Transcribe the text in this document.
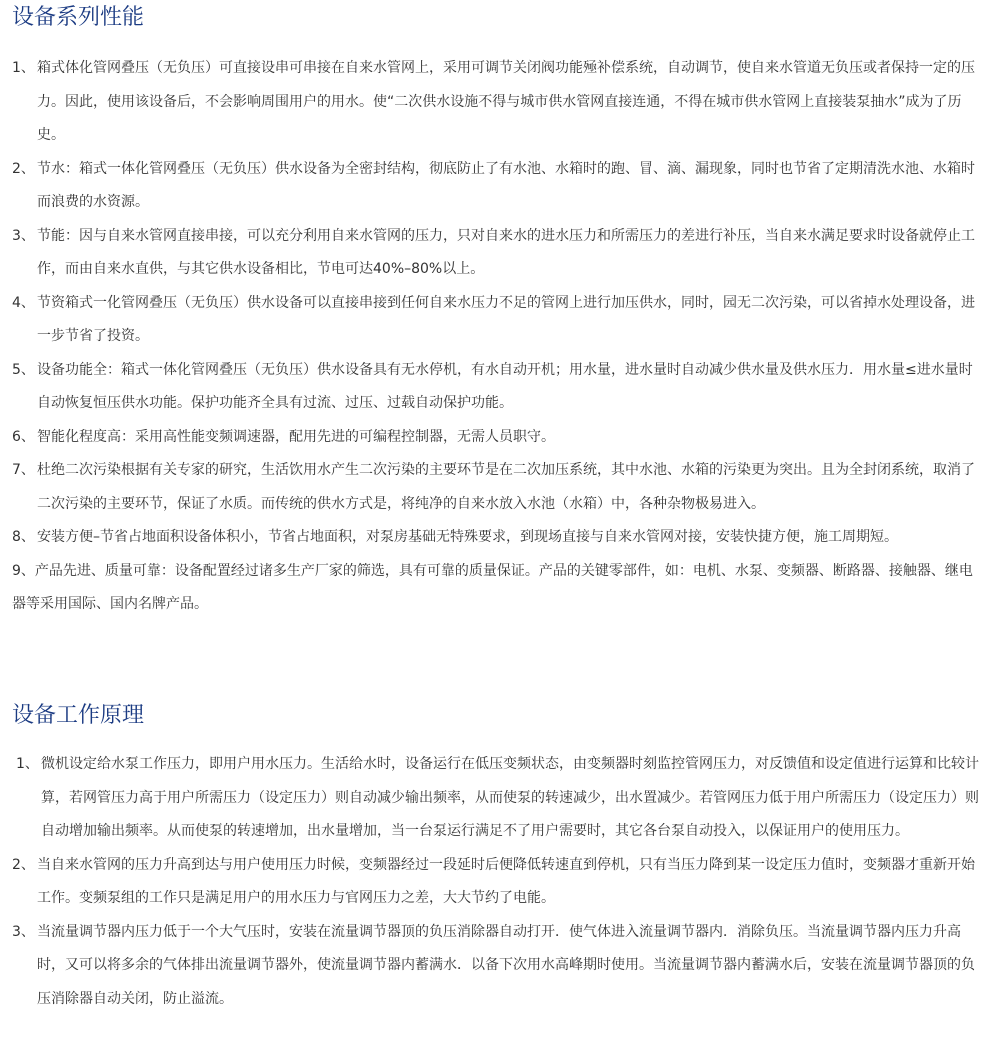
设备系列性能
1、 箱式体化管网叠压（无负压）可直接设串可串接在自来水管网上，采用可调节关闭阀功能殛补偿系统，自动调节，使自来水管道无负压或者保持一定的压力。因此，使用该设备后，不会影响周围用户的用水。使“二次供水设施不得与城市供水管网直接连通，不得在城市供水管网上直接装泵抽水”成为了历史。
2、 节水：箱式一体化管网叠压（无负压）供水设备为全密封结构，彻底防止了有水池、水箱时的跑、冒、滴、漏现象，同时也节省了定期清洗水池、水箱时而浪费的水资源。
3、 节能：因与自来水管网直接串接，可以充分利用自来水管网的压力，只对自来水的进水压力和所需压力的差进行补压，当自来水满足要求时设备就停止工作，而由自来水直供，与其它供水设备相比，节电可达40%–80%以上。
4、 节资箱式一化管网叠压（无负压）供水设备可以直接串接到任何自来水压力不足的管网上进行加压供水，同时，园无二次污染，可以省掉水处理设备，进一步节省了投资。
5、 设备功能全：箱式一体化管网叠压（无负压）供水设备具有无水停机，有水自动开机；用水量，进水量时自动减少供水量及供水压力．用水量≤进水量时自动恢复恒压供水功能。保护功能齐全具有过流、过压、过载自动保护功能。
6、 智能化程度高：采用高性能变频调速器，配用先进的可编程控制器，无需人员职守。
7、 杜绝二次污染根据有关专家的研究，生活饮用水产生二次污染的主要环节是在二次加压系统，其中水池、水箱的污染更为突出。且为全封闭系统，取消了二次污染的主要环节，保证了水质。而传统的供水方式是，将纯净的自来水放入水池（水箱）中，各种杂物极易进入。
8、 安装方便–节省占地面积设备体积小，节省占地面积，对泵房基础无特殊要求，到现场直接与自来水管网对接，安装快捷方便，施工周期短。
9、产品先进、质量可靠：设备配置经过诸多生产厂家的筛选，具有可靠的质量保证。产品的关键零部件，如：电机、水泵、变频器、断路器、接触器、继电器等采用国际、国内名牌产品。
设备工作原理
1、 微机设定给水泵工作压力，即用户用水压力。生活给水时，设备运行在低压变频状态，由变频器时刻监控管网压力，对反馈值和设定值进行运算和比较计算，若网管压力高于用户所需压力（设定压力）则自动减少输出频率，从而使泵的转速减少，出水置减少。若管网压力低于用户所需压力（设定压力）则自动增加输出频率。从而使泵的转速增加，出水量增加，当一台泵运行满足不了用户需要时，其它各台泵自动投入，以保证用户的使用压力。
2、 当自来水管网的压力升高到达与用户使用压力时候，变频器经过一段延时后便降低转速直到停机，只有当压力降到某一设定压力值时，变频器才重新开始工作。变频泵组的工作只是满足用户的用水压力与官网压力之差，大大节约了电能。
3、 当流量调节器内压力低于一个大气压时，安装在流量调节器顶的负压消除器自动打开．使气体进入流量调节器内．消除负压。当流量调节器内压力升高时，又可以将多余的气体排出流量调节器外，使流量调节器内蓄满水．以备下次用水高峰期时使用。当流量调节器内蓄满水后，安装在流量调节器顶的负压消除器自动关闭，防止溢流。
